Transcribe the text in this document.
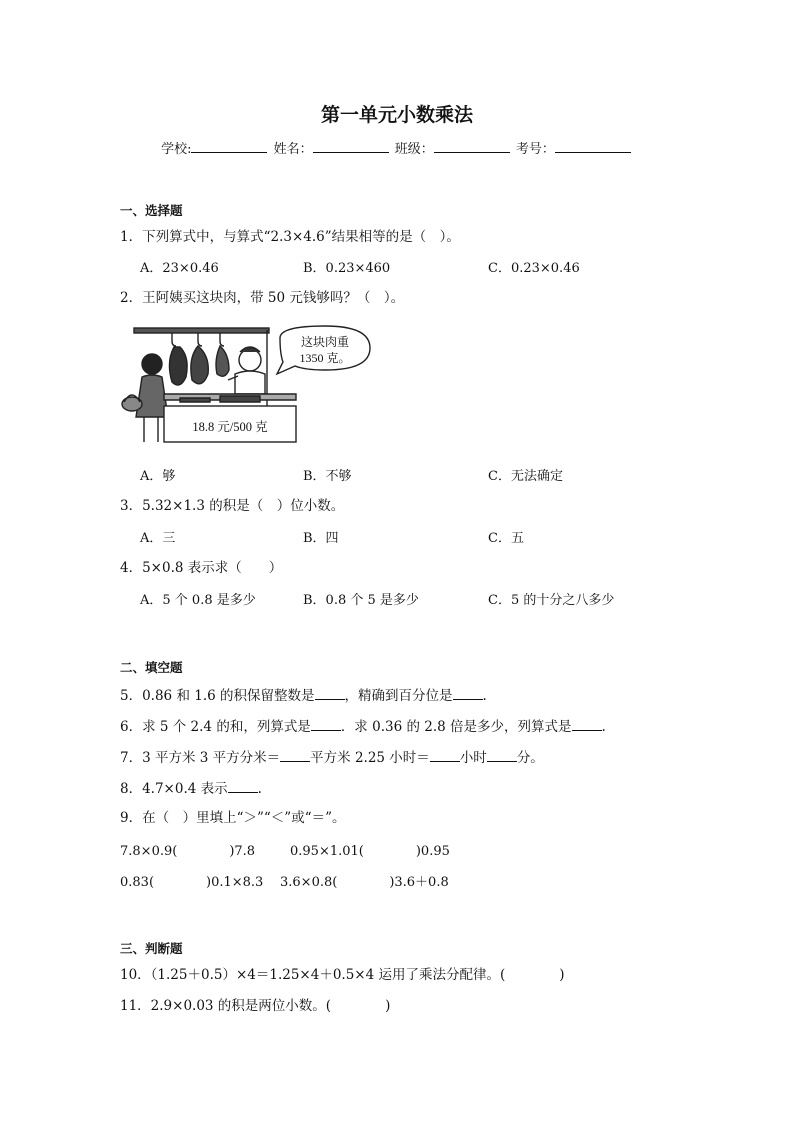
第一单元小数乘法
学校:	姓名：	班级：	考号：
一、选择题
1．下列算式中，与算式“2.3×4.6”结果相等的是（　）。
A．23×0.46	B．0.23×460	C．0.23×0.46
2．王阿姨买这块肉，带 50 元钱够吗？（　）。
这块肉重
1350 克。
18.8 元/500 克
A．够	B．不够	C．无法确定
3．5.32×1.3 的积是（　）位小数。
A．三	B．四	C．五
4．5×0.8 表示求（　　）
A．5 个 0.8 是多少	B．0.8 个 5 是多少	C．5 的十分之八多少
二、填空题
5．0.86 和 1.6 的积保留整数是 ，精确到百分位是 .
6．求 5 个 2.4 的和，列算式是 ．求 0.36 的 2.8 倍是多少，列算式是 .
7．3 平方米 3 平方分米＝ 平方米 2.25 小时＝ 小时 分。
8．4.7×0.4 表示 .
9．在（　）里填上“＞”“＜”或“＝”。
7.8×0.9(　　　　)7.8	0.95×1.01(　　　　)0.95
0.83(　　　　)0.1×8.3 3.6×0.8(　　　　)3.6＋0.8
三、判断题
10．（1.25＋0.5）×4＝1.25×4＋0.5×4 运用了乘法分配律。(　　　　)
11．2.9×0.03 的积是两位小数。(　　　　)
